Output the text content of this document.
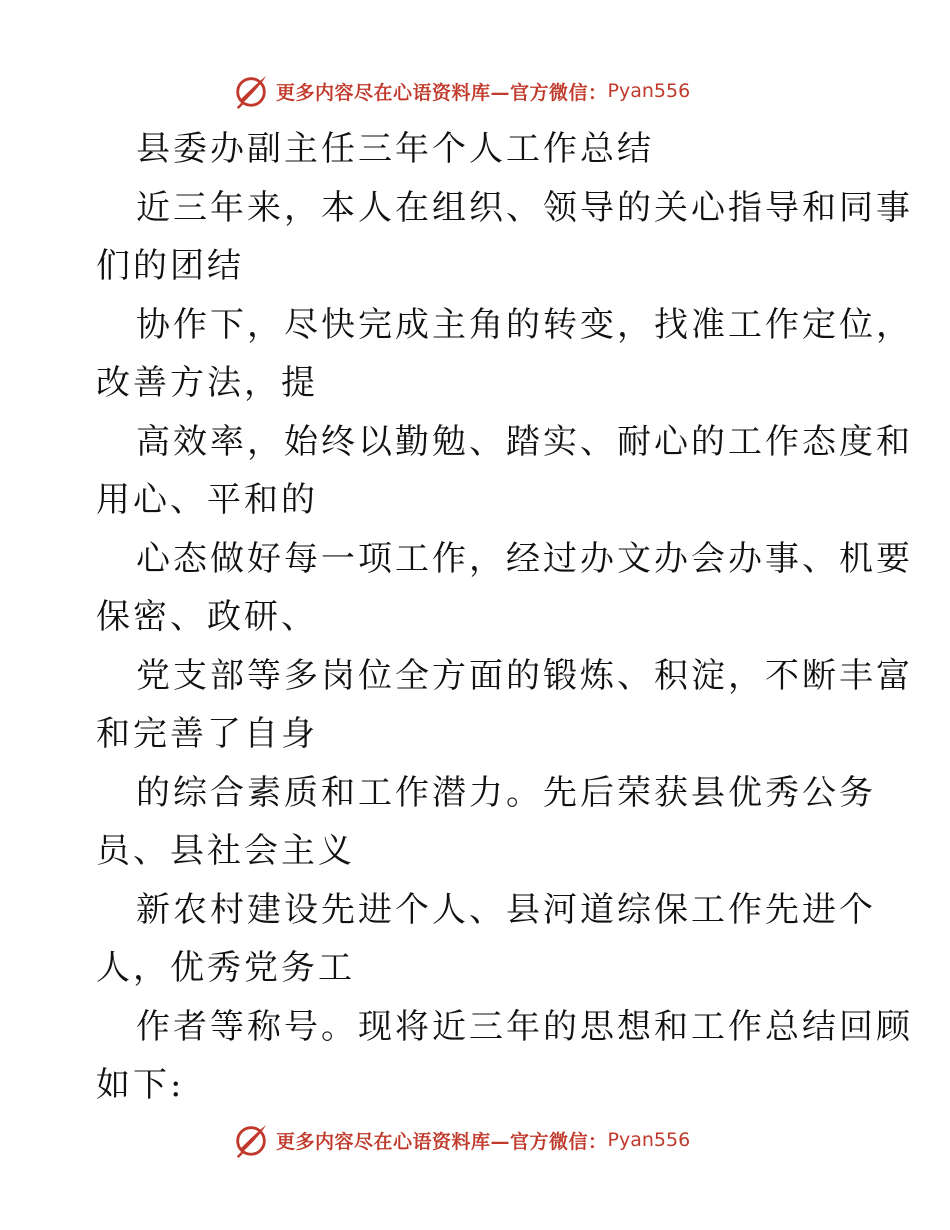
更多内容尽在心语资料库—官方微信： Pyan556
县委办副主任三年个人工作总结
近三年来，本人在组织、领导的关心指导和同事
们的团结
协作下，尽快完成主角的转变，找准工作定位，
改善方法，提
高效率，始终以勤勉、踏实、耐心的工作态度和
用心、平和的
心态做好每一项工作，经过办文办会办事、机要
保密、政研、
党支部等多岗位全方面的锻炼、积淀，不断丰富
和完善了自身
的综合素质和工作潜力。先后荣获县优秀公务
员、县社会主义
新农村建设先进个人、县河道综保工作先进个
人，优秀党务工
作者等称号。现将近三年的思想和工作总结回顾
如下:
更多内容尽在心语资料库—官方微信： Pyan556
